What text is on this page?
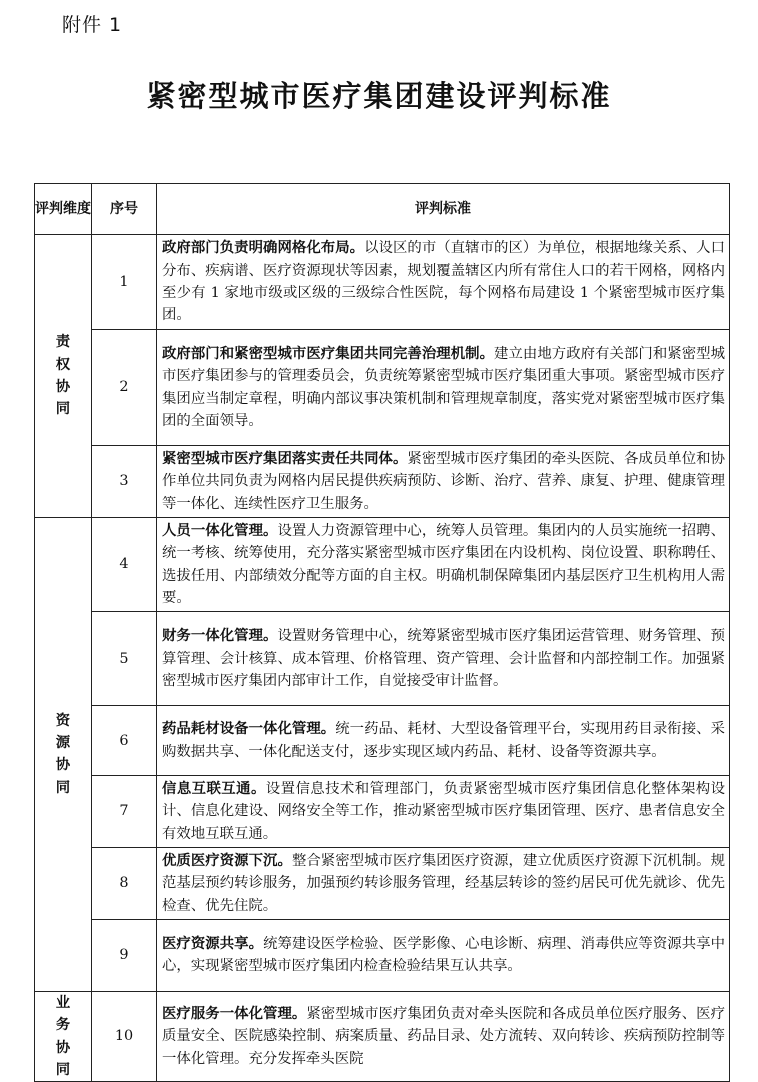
附件 1
紧密型城市医疗集团建设评判标准
评判维度	序号	评判标准
责权协同	1	政府部门负责明确网格化布局。以设区的市（直辖市的区）为单位，根据地缘关系、人口分布、疾病谱、医疗资源现状等因素，规划覆盖辖区内所有常住人口的若干网格，网格内至少有 1 家地市级或区级的三级综合性医院，每个网格布局建设 1 个紧密型城市医疗集团。
	2	政府部门和紧密型城市医疗集团共同完善治理机制。建立由地方政府有关部门和紧密型城市医疗集团参与的管理委员会，负责统筹紧密型城市医疗集团重大事项。紧密型城市医疗集团应当制定章程，明确内部议事决策机制和管理规章制度，落实党对紧密型城市医疗集团的全面领导。
	3	紧密型城市医疗集团落实责任共同体。紧密型城市医疗集团的牵头医院、各成员单位和协作单位共同负责为网格内居民提供疾病预防、诊断、治疗、营养、康复、护理、健康管理等一体化、连续性医疗卫生服务。
资源协同	4	人员一体化管理。设置人力资源管理中心，统筹人员管理。集团内的人员实施统一招聘、统一考核、统筹使用，充分落实紧密型城市医疗集团在内设机构、岗位设置、职称聘任、选拔任用、内部绩效分配等方面的自主权。明确机制保障集团内基层医疗卫生机构用人需要。
	5	财务一体化管理。设置财务管理中心，统筹紧密型城市医疗集团运营管理、财务管理、预算管理、会计核算、成本管理、价格管理、资产管理、会计监督和内部控制工作。加强紧密型城市医疗集团内部审计工作，自觉接受审计监督。
	6	药品耗材设备一体化管理。统一药品、耗材、大型设备管理平台，实现用药目录衔接、采购数据共享、一体化配送支付，逐步实现区域内药品、耗材、设备等资源共享。
	7	信息互联互通。设置信息技术和管理部门，负责紧密型城市医疗集团信息化整体架构设计、信息化建设、网络安全等工作，推动紧密型城市医疗集团管理、医疗、患者信息安全有效地互联互通。
	8	优质医疗资源下沉。整合紧密型城市医疗集团医疗资源，建立优质医疗资源下沉机制。规范基层预约转诊服务，加强预约转诊服务管理，经基层转诊的签约居民可优先就诊、优先检查、优先住院。
	9	医疗资源共享。统筹建设医学检验、医学影像、心电诊断、病理、消毒供应等资源共享中心，实现紧密型城市医疗集团内检查检验结果互认共享。
业务协同	10	医疗服务一体化管理。紧密型城市医疗集团负责对牵头医院和各成员单位医疗服务、医疗质量安全、医院感染控制、病案质量、药品目录、处方流转、双向转诊、疾病预防控制等一体化管理。充分发挥牵头医院
